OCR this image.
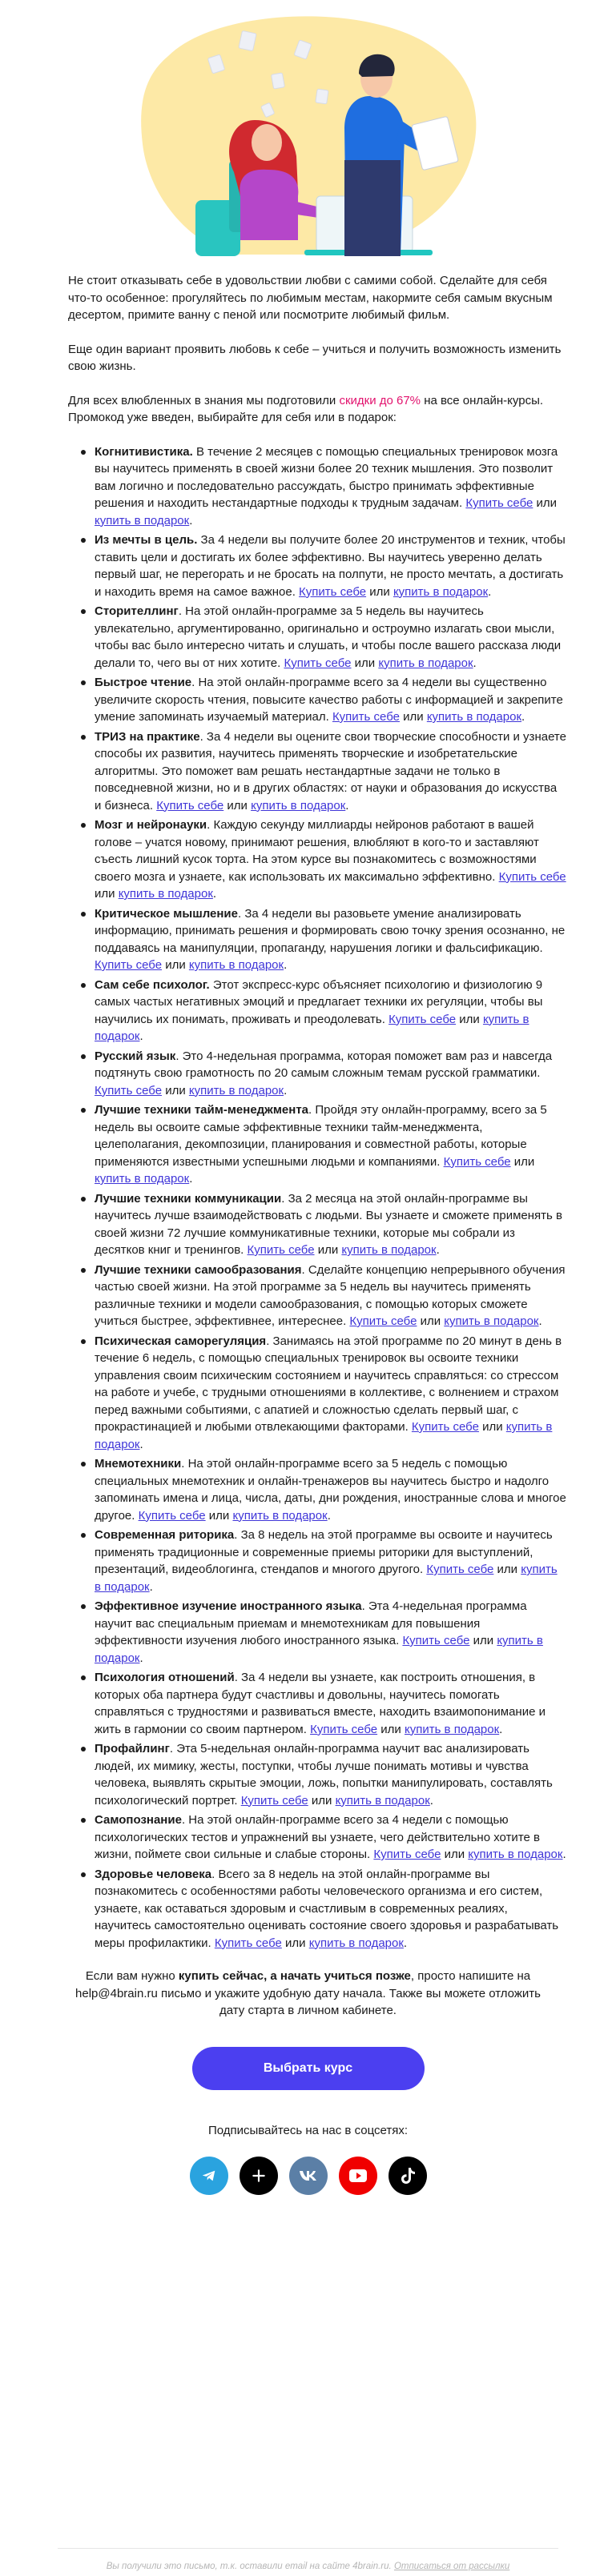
Не стоит отказывать себе в удовольствии любви с самими собой. Сделайте для себя что-то особенное: прогуляйтесь по любимым местам, накормите себя самым вкусным десертом, примите ванну с пеной или посмотрите любимый фильм.

Еще один вариант проявить любовь к себе – учиться и получить возможность изменить свою жизнь.

Для всех влюбленных в знания мы подготовили скидки до 67% на все онлайн-курсы. Промокод уже введен, выбирайте для себя или в подарок:

Когнитивистика. В течение 2 месяцев с помощью специальных тренировок мозга вы научитесь применять в своей жизни более 20 техник мышления. Это позволит вам логично и последовательно рассуждать, быстро принимать эффективные решения и находить нестандартные подходы к трудным задачам. Купить себе или купить в подарок.
Из мечты в цель. За 4 недели вы получите более 20 инструментов и техник, чтобы ставить цели и достигать их более эффективно. Вы научитесь уверенно делать первый шаг, не перегорать и не бросать на полпути, не просто мечтать, а достигать и находить время на самое важное. Купить себе или купить в подарок.
Сторителлинг. На этой онлайн-программе за 5 недель вы научитесь увлекательно, аргументированно, оригинально и остроумно излагать свои мысли, чтобы вас было интересно читать и слушать, и чтобы после вашего рассказа люди делали то, чего вы от них хотите. Купить себе или купить в подарок.
Быстрое чтение. На этой онлайн-программе всего за 4 недели вы существенно увеличите скорость чтения, повысите качество работы с информацией и закрепите умение запоминать изучаемый материал. Купить себе или купить в подарок.
ТРИЗ на практике. За 4 недели вы оцените свои творческие способности и узнаете способы их развития, научитесь применять творческие и изобретательские алгоритмы. Это поможет вам решать нестандартные задачи не только в повседневной жизни, но и в других областях: от науки и образования до искусства и бизнеса. Купить себе или купить в подарок.
Мозг и нейронауки. Каждую секунду миллиарды нейронов работают в вашей голове – учатся новому, принимают решения, влюбляют в кого-то и заставляют съесть лишний кусок торта. На этом курсе вы познакомитесь с возможностями своего мозга и узнаете, как использовать их максимально эффективно. Купить себе или купить в подарок.
Критическое мышление. За 4 недели вы разовьете умение анализировать информацию, принимать решения и формировать свою точку зрения осознанно, не поддаваясь на манипуляции, пропаганду, нарушения логики и фальсификацию. Купить себе или купить в подарок.
Сам себе психолог. Этот экспресс-курс объясняет психологию и физиологию 9 самых частых негативных эмоций и предлагает техники их регуляции, чтобы вы научились их понимать, проживать и преодолевать. Купить себе или купить в подарок.
Русский язык. Это 4-недельная программа, которая поможет вам раз и навсегда подтянуть свою грамотность по 20 самым сложным темам русской грамматики. Купить себе или купить в подарок.
Лучшие техники тайм-менеджмента. Пройдя эту онлайн-программу, всего за 5 недель вы освоите самые эффективные техники тайм-менеджмента, целеполагания, декомпозиции, планирования и совместной работы, которые применяются известными успешными людьми и компаниями. Купить себе или купить в подарок.
Лучшие техники коммуникации. За 2 месяца на этой онлайн-программе вы научитесь лучше взаимодействовать с людьми. Вы узнаете и сможете применять в своей жизни 72 лучшие коммуникативные техники, которые мы собрали из десятков книг и тренингов. Купить себе или купить в подарок.
Лучшие техники самообразования. Сделайте концепцию непрерывного обучения частью своей жизни. На этой программе за 5 недель вы научитесь применять различные техники и модели самообразования, с помощью которых сможете учиться быстрее, эффективнее, интереснее. Купить себе или купить в подарок.
Психическая саморегуляция. Занимаясь на этой программе по 20 минут в день в течение 6 недель, с помощью специальных тренировок вы освоите техники управления своим психическим состоянием и научитесь справляться: со стрессом на работе и учебе, с трудными отношениями в коллективе, с волнением и страхом перед важными событиями, с апатией и сложностью сделать первый шаг, с прокрастинацией и любыми отвлекающими факторами. Купить себе или купить в подарок.
Мнемотехники. На этой онлайн-программе всего за 5 недель с помощью специальных мнемотехник и онлайн-тренажеров вы научитесь быстро и надолго запоминать имена и лица, числа, даты, дни рождения, иностранные слова и многое другое. Купить себе или купить в подарок.
Современная риторика. За 8 недель на этой программе вы освоите и научитесь применять традиционные и современные приемы риторики для выступлений, презентаций, видеоблогинга, стендапов и многого другого. Купить себе или купить в подарок.
Эффективное изучение иностранного языка. Эта 4-недельная программа научит вас специальным приемам и мнемотехникам для повышения эффективности изучения любого иностранного языка. Купить себе или купить в подарок.
Психология отношений. За 4 недели вы узнаете, как построить отношения, в которых оба партнера будут счастливы и довольны, научитесь помогать справляться с трудностями и развиваться вместе, находить взаимопонимание и жить в гармонии со своим партнером. Купить себе или купить в подарок.
Профайлинг. Эта 5-недельная онлайн-программа научит вас анализировать людей, их мимику, жесты, поступки, чтобы лучше понимать мотивы и чувства человека, выявлять скрытые эмоции, ложь, попытки манипулировать, составлять психологический портрет. Купить себе или купить в подарок.
Самопознание. На этой онлайн-программе всего за 4 недели с помощью психологических тестов и упражнений вы узнаете, чего действительно хотите в жизни, поймете свои сильные и слабые стороны. Купить себе или купить в подарок.
Здоровье человека. Всего за 8 недель на этой онлайн-программе вы познакомитесь с особенностями работы человеческого организма и его систем, узнаете, как оставаться здоровым и счастливым в современных реалиях, научитесь самостоятельно оценивать состояние своего здоровья и разрабатывать меры профилактики. Купить себе или купить в подарок.

Если вам нужно купить сейчас, а начать учиться позже, просто напишите на help@4brain.ru письмо и укажите удобную дату начала. Также вы можете отложить дату старта в личном кабинете.

Выбрать курс
Подписывайтесь на нас в соцсетях:
Вы получили это письмо, т.к. оставили email на сайте 4brain.ru. Отписаться от рассылки
